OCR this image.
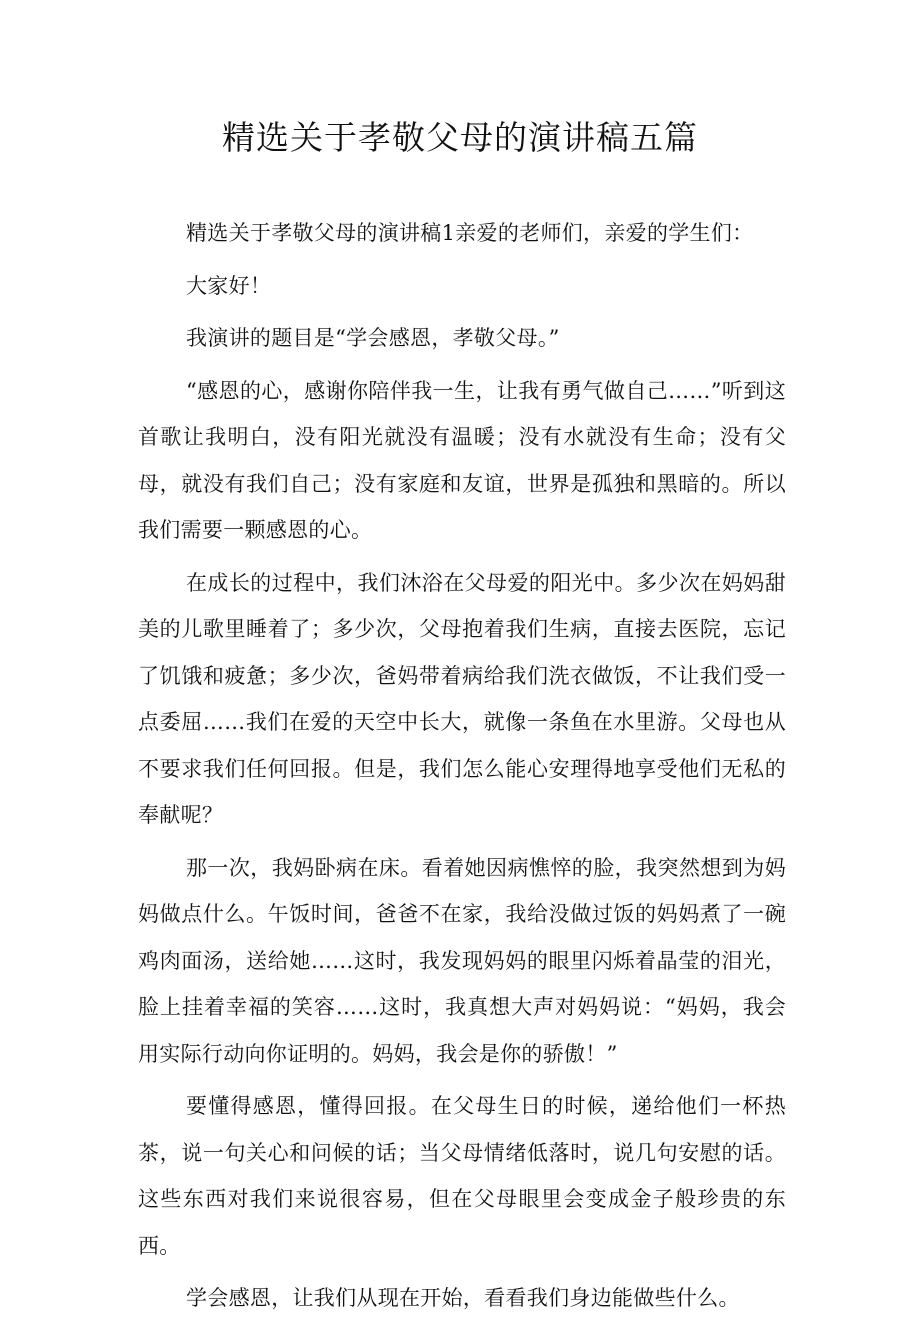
精选关于孝敬父母的演讲稿五篇

精选关于孝敬父母的演讲稿1亲爱的老师们，亲爱的学生们：

大家好！

我演讲的题目是“学会感恩，孝敬父母。”

“感恩的心，感谢你陪伴我一生，让我有勇气做自己……”听到这首歌让我明白，没有阳光就没有温暖；没有水就没有生命；没有父母，就没有我们自己；没有家庭和友谊，世界是孤独和黑暗的。所以我们需要一颗感恩的心。

在成长的过程中，我们沐浴在父母爱的阳光中。多少次在妈妈甜美的儿歌里睡着了；多少次，父母抱着我们生病，直接去医院，忘记了饥饿和疲惫；多少次，爸妈带着病给我们洗衣做饭，不让我们受一点委屈……我们在爱的天空中长大，就像一条鱼在水里游。父母也从不要求我们任何回报。但是，我们怎么能心安理得地享受他们无私的奉献呢？

那一次，我妈卧病在床。看着她因病憔悴的脸，我突然想到为妈妈做点什么。午饭时间，爸爸不在家，我给没做过饭的妈妈煮了一碗鸡肉面汤，送给她……这时，我发现妈妈的眼里闪烁着晶莹的泪光，脸上挂着幸福的笑容……这时，我真想大声对妈妈说：“妈妈，我会用实际行动向你证明的。妈妈，我会是你的骄傲！”

要懂得感恩，懂得回报。在父母生日的时候，递给他们一杯热茶，说一句关心和问候的话；当父母情绪低落时，说几句安慰的话。这些东西对我们来说很容易，但在父母眼里会变成金子般珍贵的东西。

学会感恩，让我们从现在开始，看看我们身边能做些什么。
